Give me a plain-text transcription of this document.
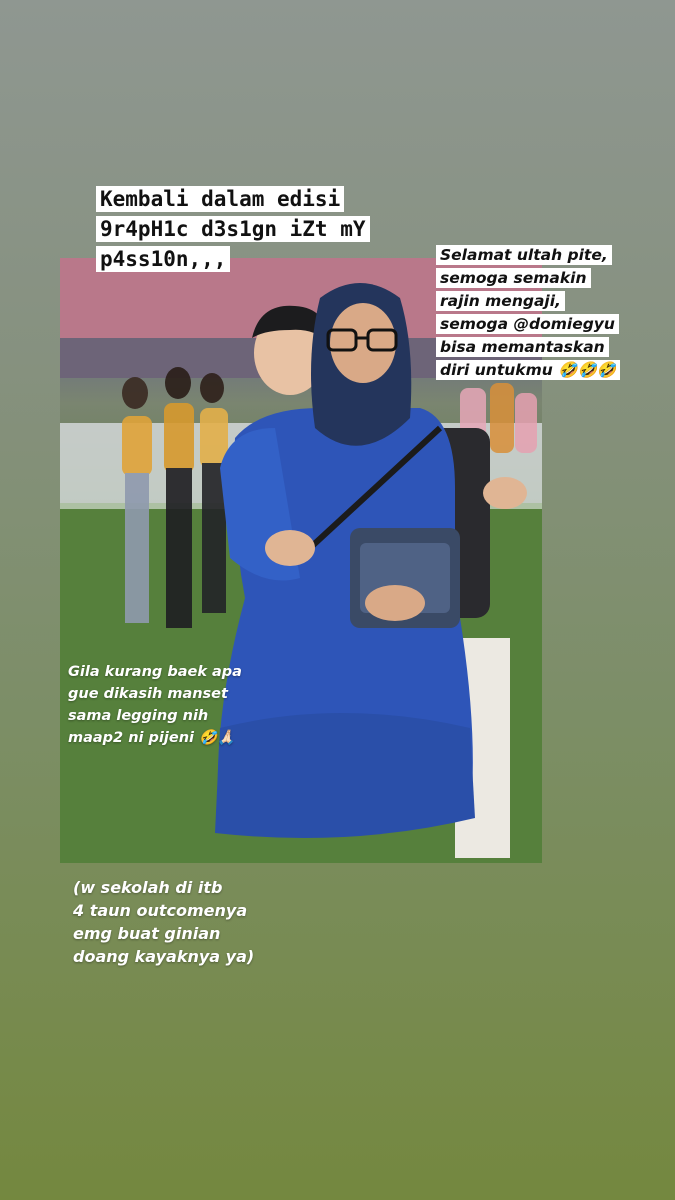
Kembali dalam edisi
9r4pH1c d3s1gn iZt mY
p4ss10n,,,	Selamat ultah pite,
semoga semakin
rajin mengaji,
semoga @domiegyu
bisa memantaskan
diri untukmu 🤣🤣🤣
Gila kurang baek apa
gue dikasih manset
sama legging nih
maap2 ni pijeni 🤣🙏🏻
(w sekolah di itb
4 taun outcomenya
emg buat ginian
doang kayaknya ya)
